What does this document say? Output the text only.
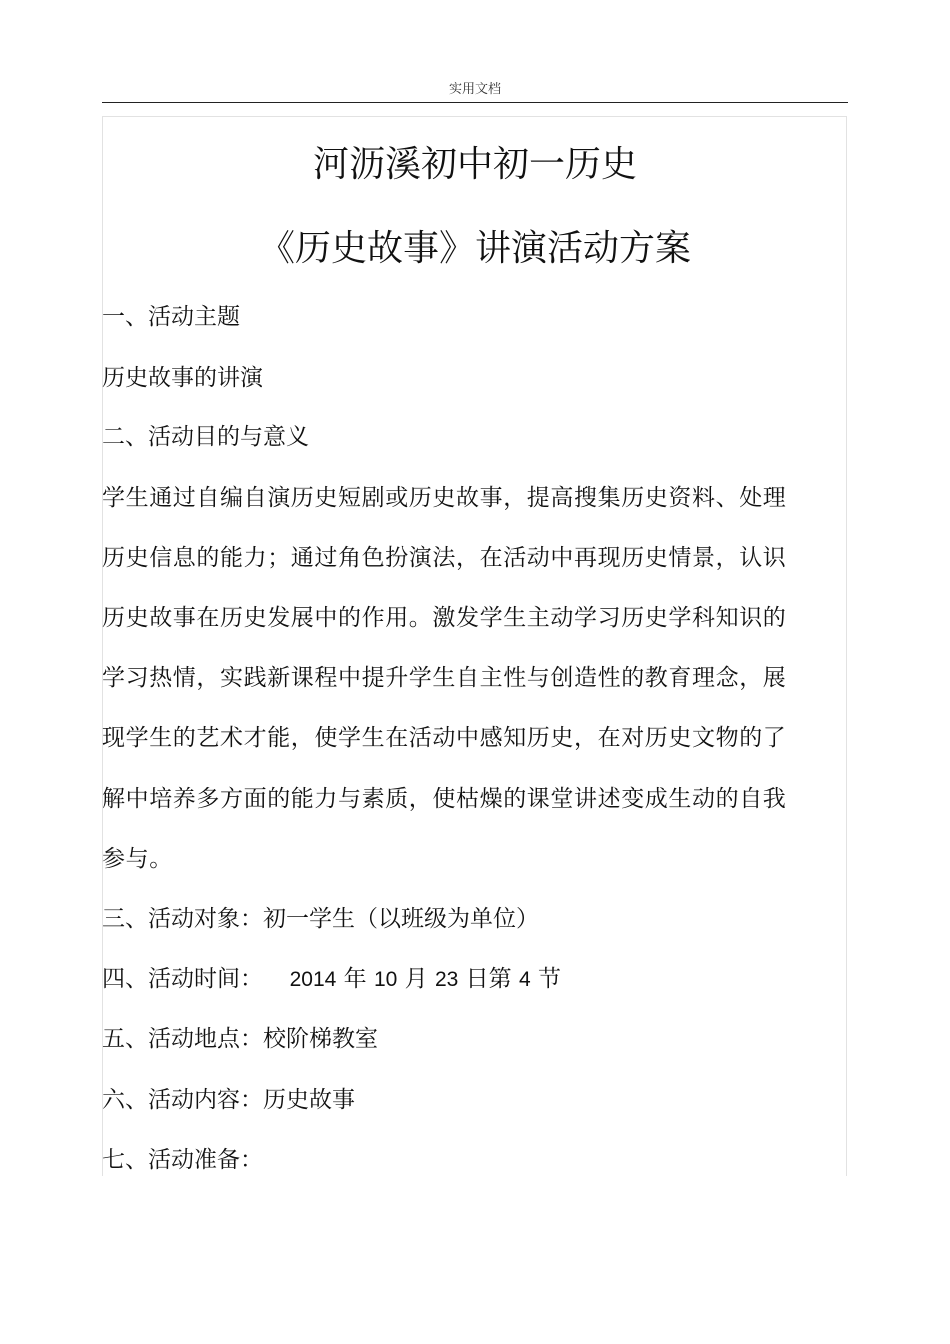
实用文档
河沥溪初中初一历史
《历史故事》讲演活动方案
一、活动主题
历史故事的讲演
二、活动目的与意义
学生通过自编自演历史短剧或历史故事，提高搜集历史资料、处理
历史信息的能力；通过角色扮演法，在活动中再现历史情景，认识
历史故事在历史发展中的作用。激发学生主动学习历史学科知识的
学习热情，实践新课程中提升学生自主性与创造性的教育理念，展
现学生的艺术才能，使学生在活动中感知历史，在对历史文物的了
解中培养多方面的能力与素质，使枯燥的课堂讲述变成生动的自我
参与。
三、活动对象：初一学生（以班级为单位）
四、活动时间： 2014 年 10 月 23 日第 4 节
五、活动地点：校阶梯教室
六、活动内容：历史故事
七、活动准备：
